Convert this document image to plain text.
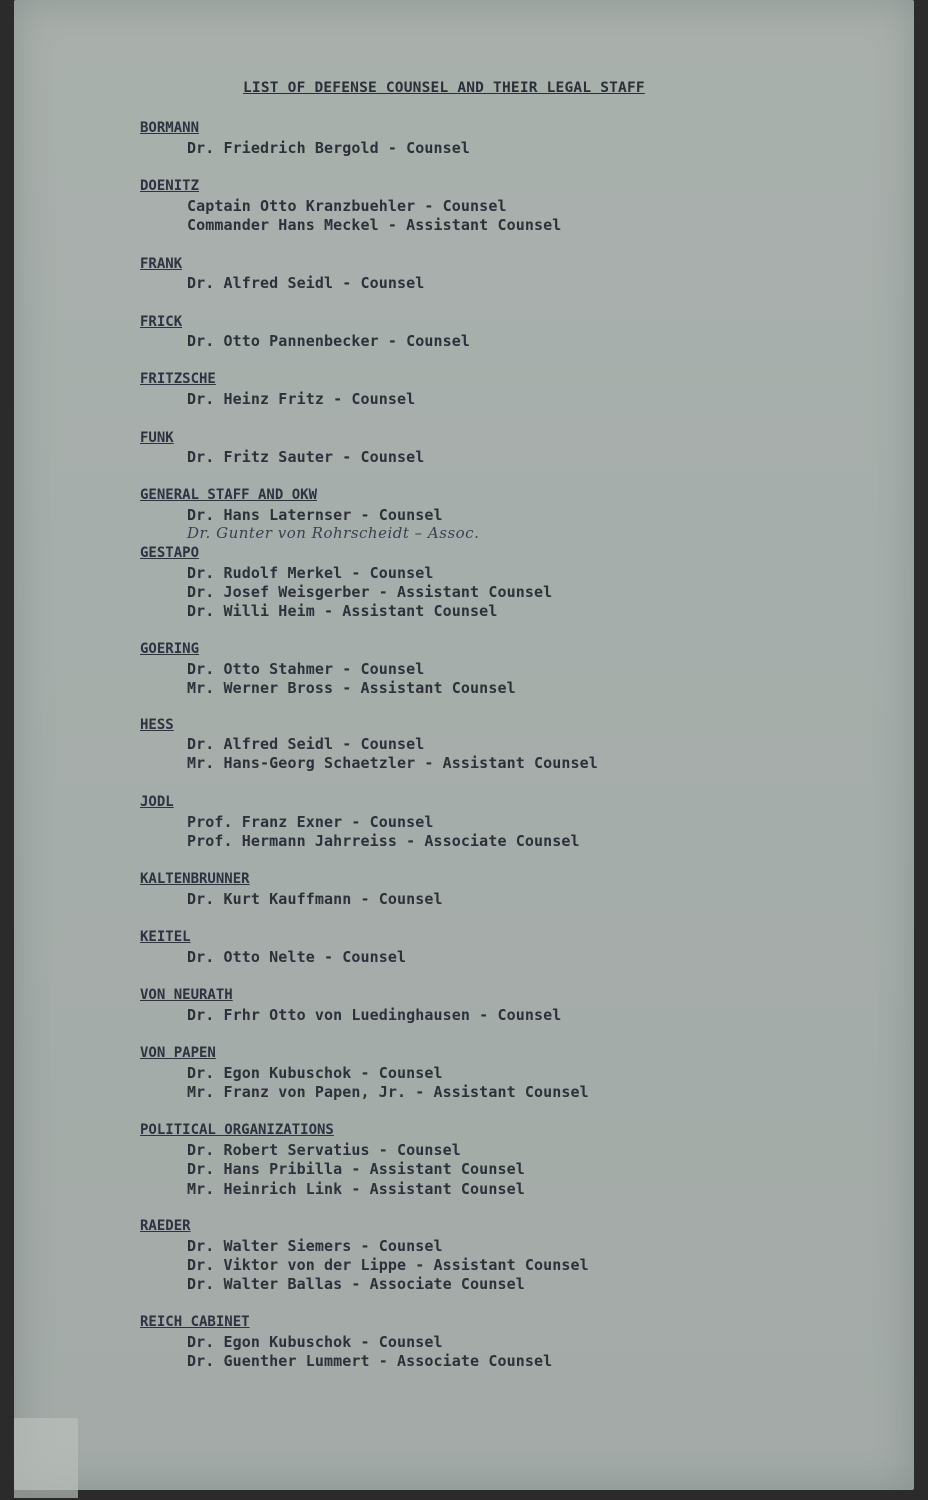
LIST OF DEFENSE COUNSEL AND THEIR LEGAL STAFF
BORMANN
Dr. Friedrich Bergold - Counsel
DOENITZ
Captain Otto Kranzbuehler - Counsel
Commander Hans Meckel - Assistant Counsel
FRANK
Dr. Alfred Seidl - Counsel
FRICK
Dr. Otto Pannenbecker - Counsel
FRITZSCHE
Dr. Heinz Fritz - Counsel
FUNK
Dr. Fritz Sauter - Counsel
GENERAL STAFF AND OKW
Dr. Hans Laternser - Counsel
Dr. Gunter von Rohrscheidt – Assoc.
GESTAPO
Dr. Rudolf Merkel - Counsel
Dr. Josef Weisgerber - Assistant Counsel
Dr. Willi Heim - Assistant Counsel
GOERING
Dr. Otto Stahmer - Counsel
Mr. Werner Bross - Assistant Counsel
HESS
Dr. Alfred Seidl - Counsel
Mr. Hans-Georg Schaetzler - Assistant Counsel
JODL
Prof. Franz Exner - Counsel
Prof. Hermann Jahrreiss - Associate Counsel
KALTENBRUNNER
Dr. Kurt Kauffmann - Counsel
KEITEL
Dr. Otto Nelte - Counsel
VON NEURATH
Dr. Frhr Otto von Luedinghausen - Counsel
VON PAPEN
Dr. Egon Kubuschok - Counsel
Mr. Franz von Papen, Jr. - Assistant Counsel
POLITICAL ORGANIZATIONS
Dr. Robert Servatius - Counsel
Dr. Hans Pribilla - Assistant Counsel
Mr. Heinrich Link - Assistant Counsel
RAEDER
Dr. Walter Siemers - Counsel
Dr. Viktor von der Lippe - Assistant Counsel
Dr. Walter Ballas - Associate Counsel
REICH CABINET
Dr. Egon Kubuschok - Counsel
Dr. Guenther Lummert - Associate Counsel
